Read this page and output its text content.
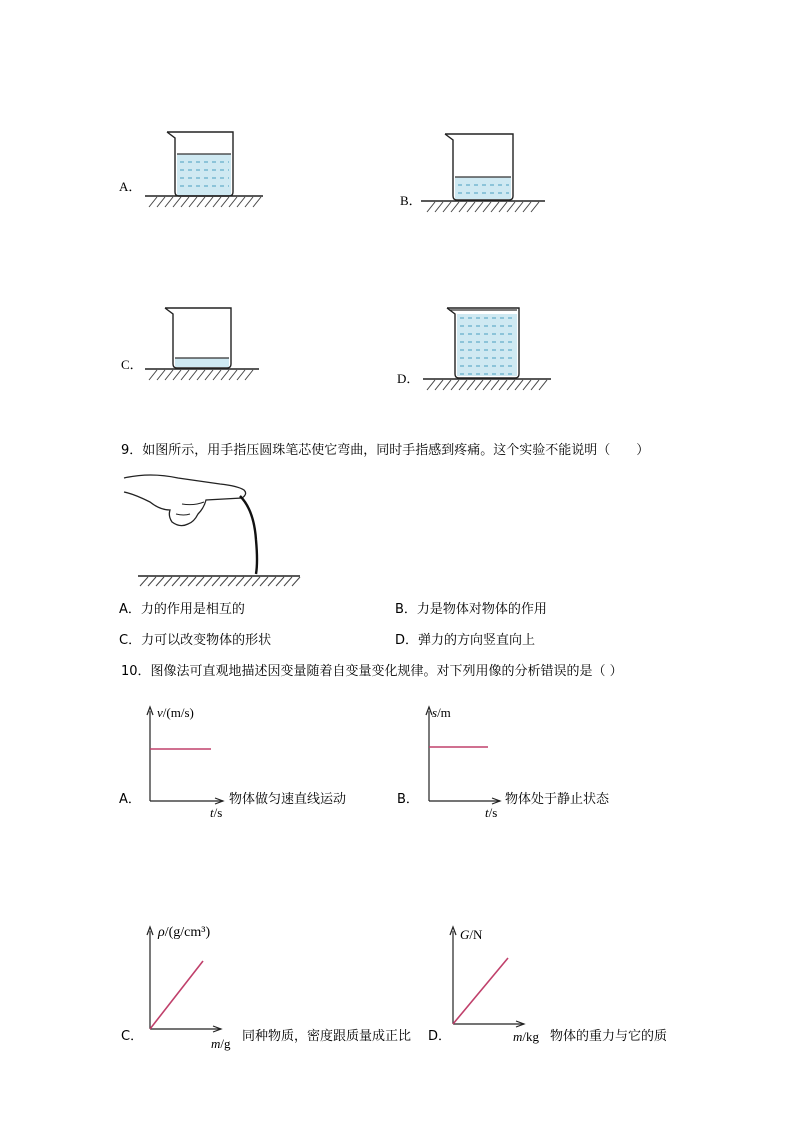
A．
B．
C．
D．
9．如图所示，用手指压圆珠笔芯使它弯曲，同时手指感到疼痛。这个实验不能说明（　　）
A．力的作用是相互的	B．力是物体对物体的作用
C．力可以改变物体的形状	D．弹力的方向竖直向上
10．图像法可直观地描述因变量随着自变量变化规律。对下列用像的分析错误的是（ ）
v/(m/s)
t/s
A．	物体做匀速直线运动
s/m
t/s
B．	物体处于静止状态
ρ/(g/cm³)
m/g
C．	同种物质，密度跟质量成正比
G/N
m/kg
D．	物体的重力与它的质
